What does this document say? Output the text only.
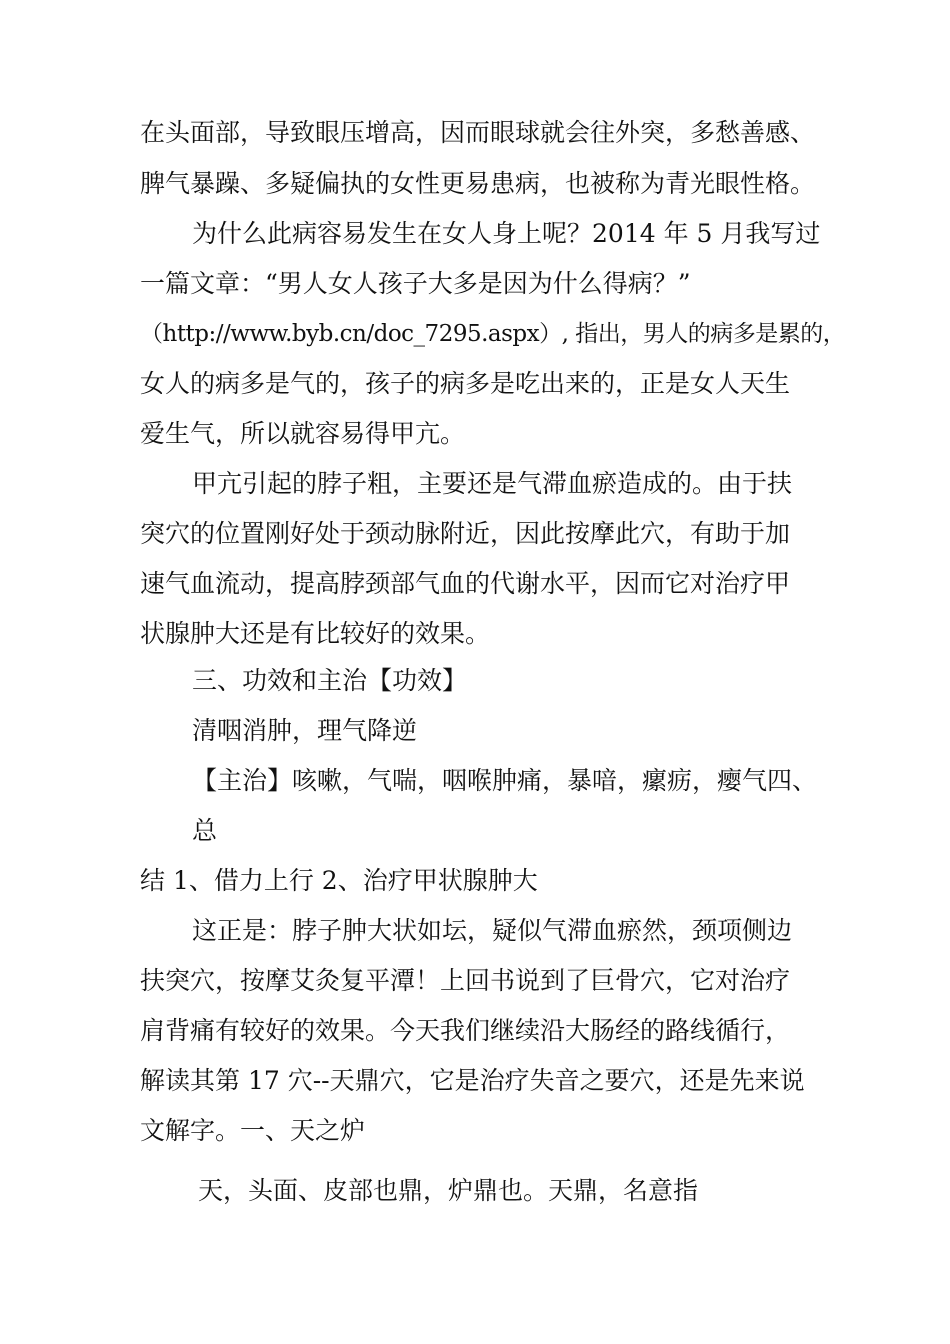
在头面部，导致眼压增高，因而眼球就会往外突，多愁善感、
脾气暴躁、多疑偏执的女性更易患病，也被称为青光眼性格。
为什么此病容易发生在女人身上呢？2014 年 5 月我写过
一篇文章：“男人女人孩子大多是因为什么得病？”
（http://www.byb.cn/doc_7295.aspx）, 指出，男人的病多是累的，
女人的病多是气的，孩子的病多是吃出来的，正是女人天生
爱生气，所以就容易得甲亢。
甲亢引起的脖子粗，主要还是气滞血瘀造成的。由于扶
突穴的位置刚好处于颈动脉附近，因此按摩此穴，有助于加
速气血流动，提高脖颈部气血的代谢水平，因而它对治疗甲
状腺肿大还是有比较好的效果。
三、功效和主治【功效】
清咽消肿，理气降逆
【主治】咳嗽，气喘，咽喉肿痛，暴喑，瘰疬，瘿气四、
总
结 1、借力上行 2、治疗甲状腺肿大
这正是：脖子肿大状如坛，疑似气滞血瘀然，颈项侧边
扶突穴，按摩艾灸复平潭！上回书说到了巨骨穴，它对治疗
肩背痛有较好的效果。今天我们继续沿大肠经的路线循行，
解读其第 17 穴--天鼎穴，它是治疗失音之要穴，还是先来说
文解字。一、天之炉
天，头面、皮部也鼎，炉鼎也。天鼎，名意指
